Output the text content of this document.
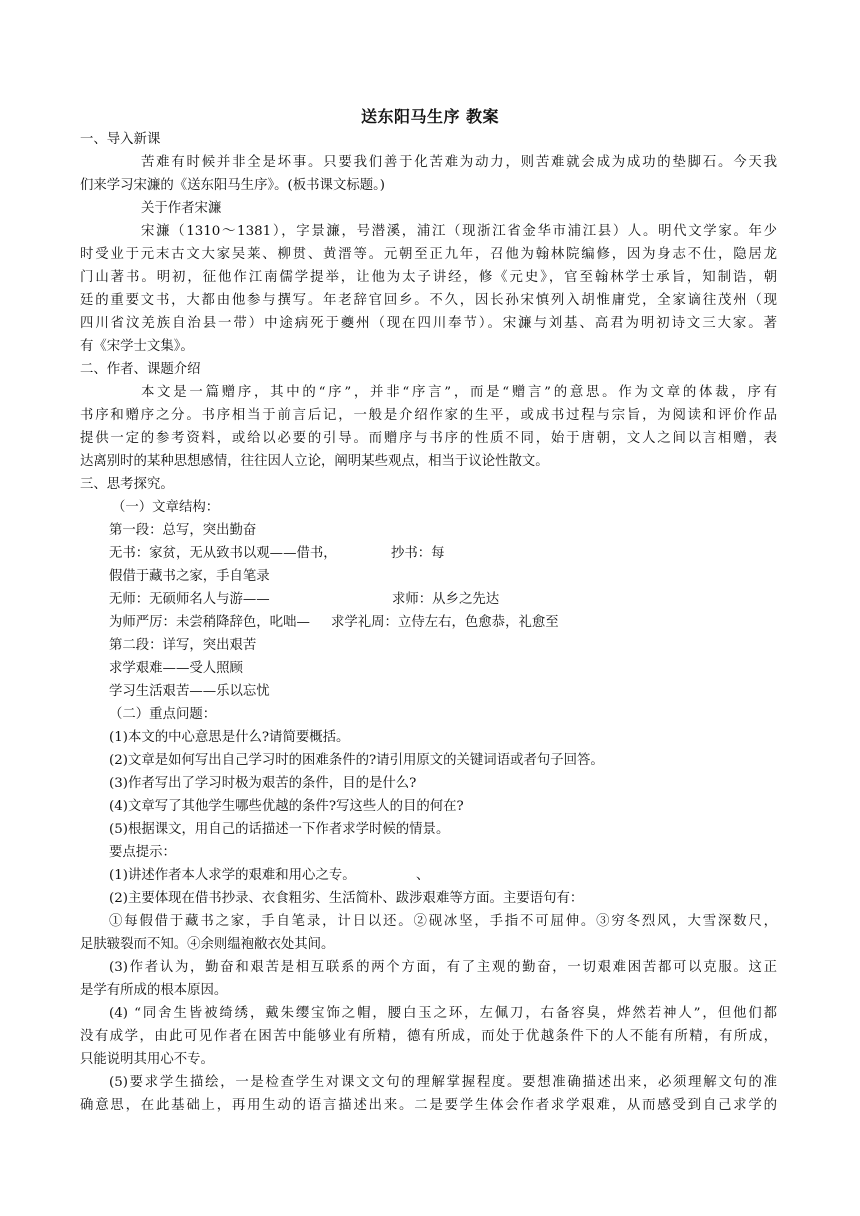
送东阳马生序 教案
一、导入新课
苦难有时候并非全是坏事。只要我们善于化苦难为动力，则苦难就会成为成功的垫脚石。今天我
们来学习宋濂的《送东阳马生序》。(板书课文标题。)
关于作者宋濂
宋濂（1310～1381），字景濂，号潜溪，浦江（现浙江省金华市浦江县）人。明代文学家。年少
时受业于元末古文大家吴莱、柳贯、黄溍等。元朝至正九年，召他为翰林院编修，因为身志不仕，隐居龙
门山著书。明初，征他作江南儒学提举，让他为太子讲经，修《元史》，官至翰林学士承旨，知制诰，朝
廷的重要文书，大都由他参与撰写。年老辞官回乡。不久，因长孙宋慎列入胡惟庸党，全家谪往茂州（现
四川省汶羌族自治县一带）中途病死于夔州（现在四川奉节）。宋濂与刘基、高君为明初诗文三大家。著
有《宋学士文集》。
二、作者、课题介绍
本文是一篇赠序，其中的“序”，并非“序言”，而是“赠言”的意思。作为文章的体裁，序有
书序和赠序之分。书序相当于前言后记，一般是介绍作家的生平，或成书过程与宗旨，为阅读和评价作品
提供一定的参考资料，或给以必要的引导。而赠序与书序的性质不同，始于唐朝，文人之间以言相赠，表
达离别时的某种思想感情，往往因人立论，阐明某些观点，相当于议论性散文。
三、思考探究。
（一）文章结构：
第一段：总写，突出勤奋
无书：家贫，无从致书以观——借书，	抄书：每
假借于藏书之家，手自笔录
无师：无硕师名人与游——	求师：从乡之先达
为师严厉：未尝稍降辞色，叱咄— 求学礼周：立侍左右，色愈恭，礼愈至
第二段：详写，突出艰苦
求学艰难——受人照顾
学习生活艰苦——乐以忘忧
（二）重点问题：
(1)本文的中心意思是什么?请简要概括。
(2)文章是如何写出自己学习时的困难条件的?请引用原文的关键词语或者句子回答。
(3)作者写出了学习时极为艰苦的条件，目的是什么?
(4)文章写了其他学生哪些优越的条件?写这些人的目的何在?
(5)根据课文，用自己的话描述一下作者求学时候的情景。
要点提示：
(1)讲述作者本人求学的艰难和用心之专。	、
(2)主要体现在借书抄录、衣食粗劣、生活简朴、跋涉艰难等方面。主要语句有：
①每假借于藏书之家，手自笔录，计日以还。②砚冰坚，手指不可屈伸。③穷冬烈风，大雪深数尺，
足肤皲裂而不知。④余则缊袍敝衣处其间。
(3)作者认为，勤奋和艰苦是相互联系的两个方面，有了主观的勤奋，一切艰难困苦都可以克服。这正
是学有所成的根本原因。
(4) “同舍生皆被绮绣，戴朱缨宝饰之帽，腰白玉之环，左佩刀，右备容臭，烨然若神人”，但他们都
没有成学，由此可见作者在困苦中能够业有所精，德有所成，而处于优越条件下的人不能有所精，有所成，
只能说明其用心不专。
(5)要求学生描绘，一是检查学生对课文文句的理解掌握程度。要想准确描述出来，必须理解文句的准
确意思，在此基础上，再用生动的语言描述出来。二是要学生体会作者求学艰难，从而感受到自己求学的
